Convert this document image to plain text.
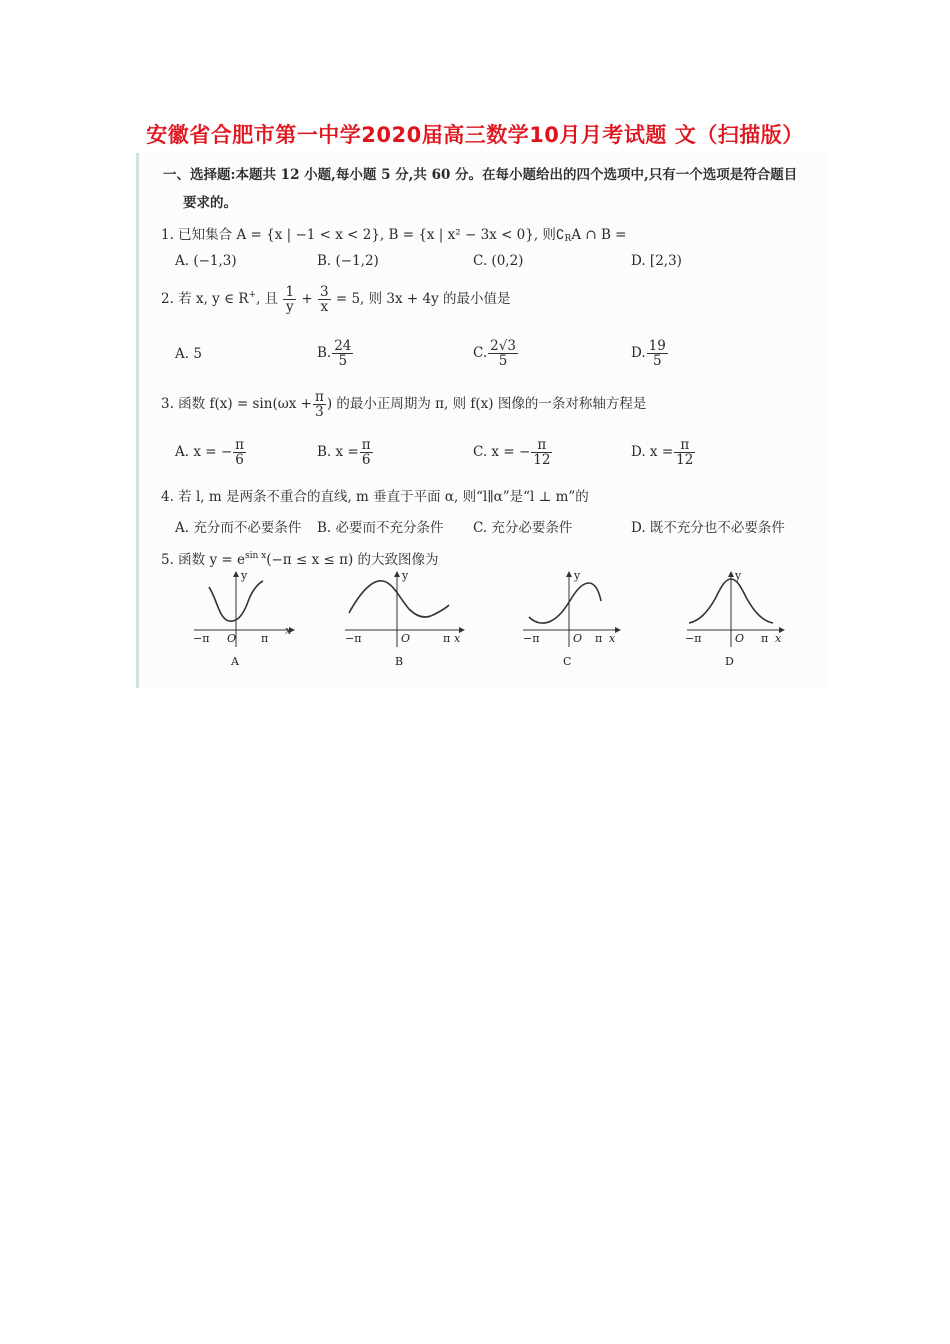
安徽省合肥市第一中学2020届高三数学10月月考试题 文（扫描版）
一、选择题:本题共 12 小题,每小题 5 分,共 60 分。在每小题给出的四个选项中,只有一个选项是符合题目
要求的。
1. 已知集合 A = {x | −1 < x < 2}, B = {x | x² − 3x < 0}, 则$∁_RA$ ∩ B =
A. (−1,3)	B. (−1,2)	C. (0,2)	D. [2,3)
2. 若 x, y ∈ R+, 且 $\frac{1}{y} + \frac{3}{x} = 5$, 则 3x + 4y 的最小值是
A. 5	B. $\frac{24}{5}$	C. $\frac{2√3}{5}$	D. $\frac{19}{5}$
3. 函数 $f(x) = \sin(\omega x + \frac{\pi}{3}$ ) 的最小正周期为 π, 则 f(x) 图像的一条对称轴方程是
A. x = − $\frac{\pi}{6}$	B. $x = \frac{\pi}{6}$	C. x = − $\frac{\pi}{12}$	D. $x = \frac{\pi}{12}$
4. 若 l, m 是两条不重合的直线, m 垂直于平面 α, 则“l∥α”是“l ⊥ m”的
A. 充分而不必要条件 B. 必要而不充分条件 C. 充分必要条件	D. 既不充分也不必要条件
5. 函数 $y = e^{sin x}(-\pi \le x \le \pi)$ 的大致图像为
y
−π O π
x
A
y
−π	O	π x
B
y
−π	O π x
C
y
−π	O π x
D
